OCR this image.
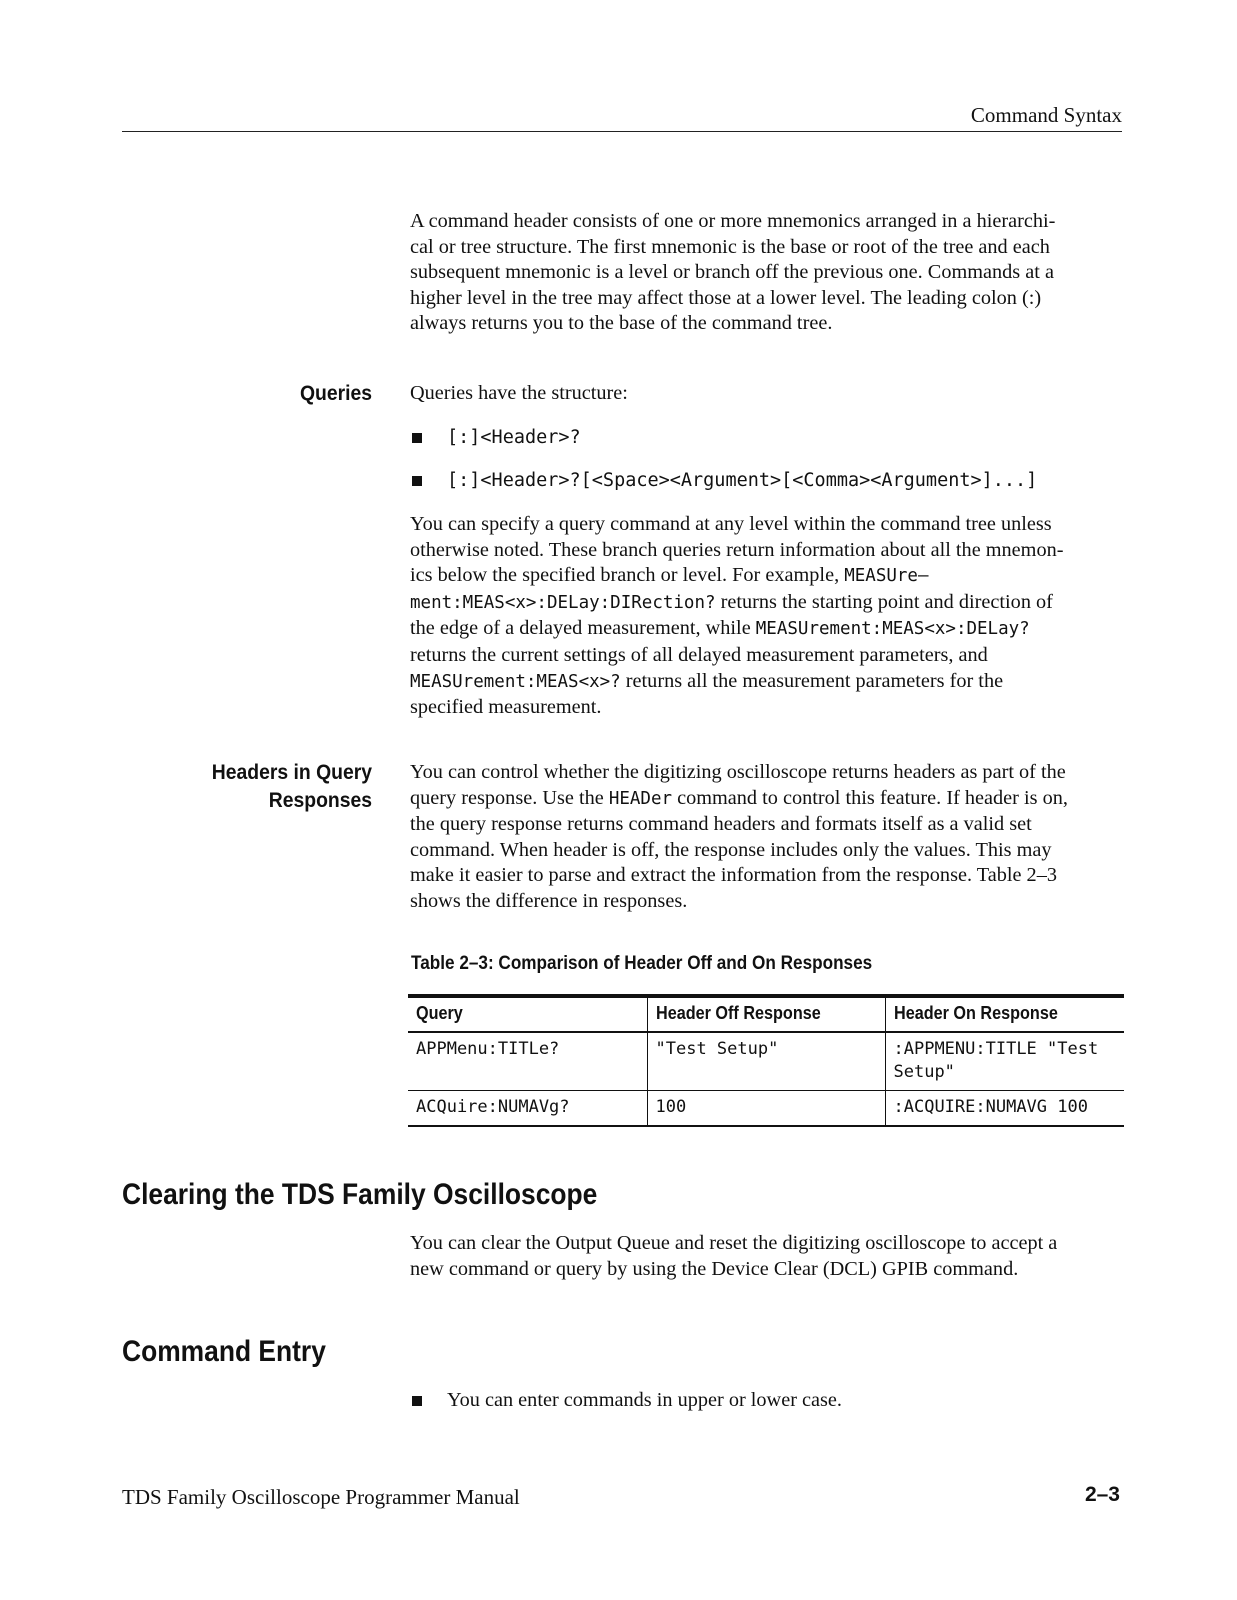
Command Syntax
A command header consists of one or more mnemonics arranged in a hierarchi-
cal or tree structure. The first mnemonic is the base or root of the tree and each
subsequent mnemonic is a level or branch off the previous one. Commands at a
higher level in the tree may affect those at a lower level. The leading colon (:)
always returns you to the base of the command tree.
Queries Queries have the structure:
[:]<Header>?
[:]<Header>?[<Space><Argument>[<Comma><Argument>]...]
You can specify a query command at any level within the command tree unless
otherwise noted. These branch queries return information about all the mnemon-
ics below the specified branch or level. For example, MEASUre–
ment:MEAS<x>:DELay:DIRection? returns the starting point and direction of
the edge of a delayed measurement, while MEASUrement:MEAS<x>:DELay?
returns the current settings of all delayed measurement parameters, and
MEASUrement:MEAS<x>? returns all the measurement parameters for the
specified measurement.
Headers in Query
Responses
You can control whether the digitizing oscilloscope returns headers as part of the
query response. Use the HEADer command to control this feature. If header is on,
the query response returns command headers and formats itself as a valid set
command. When header is off, the response includes only the values. This may
make it easier to parse and extract the information from the response. Table 2–3
shows the difference in responses.
Table 2–3: Comparison of Header Off and On Responses
Query	Header Off Response	Header On Response
APPMenu:TITLe?	"Test Setup"	:APPMENU:TITLE "Test Setup"
ACQuire:NUMAVg?	100	:ACQUIRE:NUMAVG 100
Clearing the TDS Family Oscilloscope
You can clear the Output Queue and reset the digitizing oscilloscope to accept a
new command or query by using the Device Clear (DCL) GPIB command.
Command Entry
You can enter commands in upper or lower case.
TDS Family Oscilloscope Programmer Manual	2–3
